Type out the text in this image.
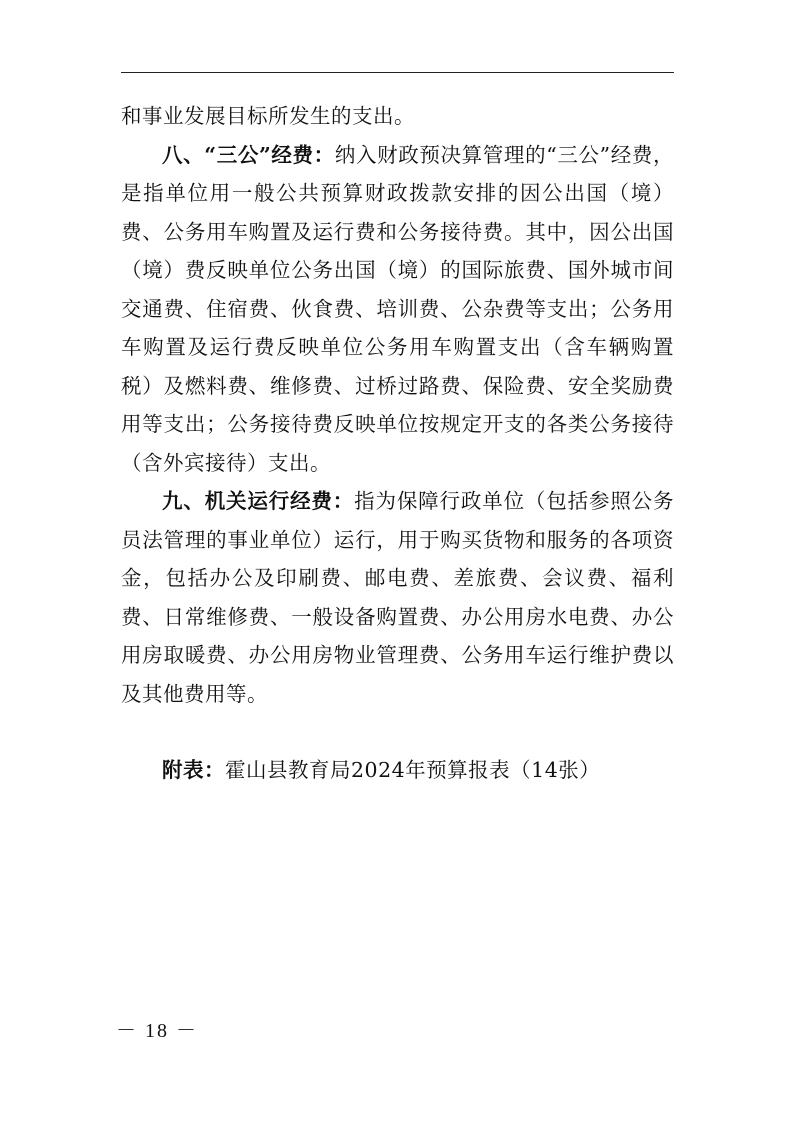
和事业发展目标所发生的支出。

八、“三公”经费：纳入财政预决算管理的“三公”经费，是指单位用一般公共预算财政拨款安排的因公出国（境）费、公务用车购置及运行费和公务接待费。其中，因公出国（境）费反映单位公务出国（境）的国际旅费、国外城市间交通费、住宿费、伙食费、培训费、公杂费等支出；公务用车购置及运行费反映单位公务用车购置支出（含车辆购置税）及燃料费、维修费、过桥过路费、保险费、安全奖励费用等支出；公务接待费反映单位按规定开支的各类公务接待（含外宾接待）支出。

九、机关运行经费：指为保障行政单位（包括参照公务员法管理的事业单位）运行，用于购买货物和服务的各项资金，包括办公及印刷费、邮电费、差旅费、会议费、福利费、日常维修费、一般设备购置费、办公用房水电费、办公用房取暖费、办公用房物业管理费、公务用车运行维护费以及其他费用等。

附表：霍山县教育局2024年预算报表（14张）

－ 18 －
